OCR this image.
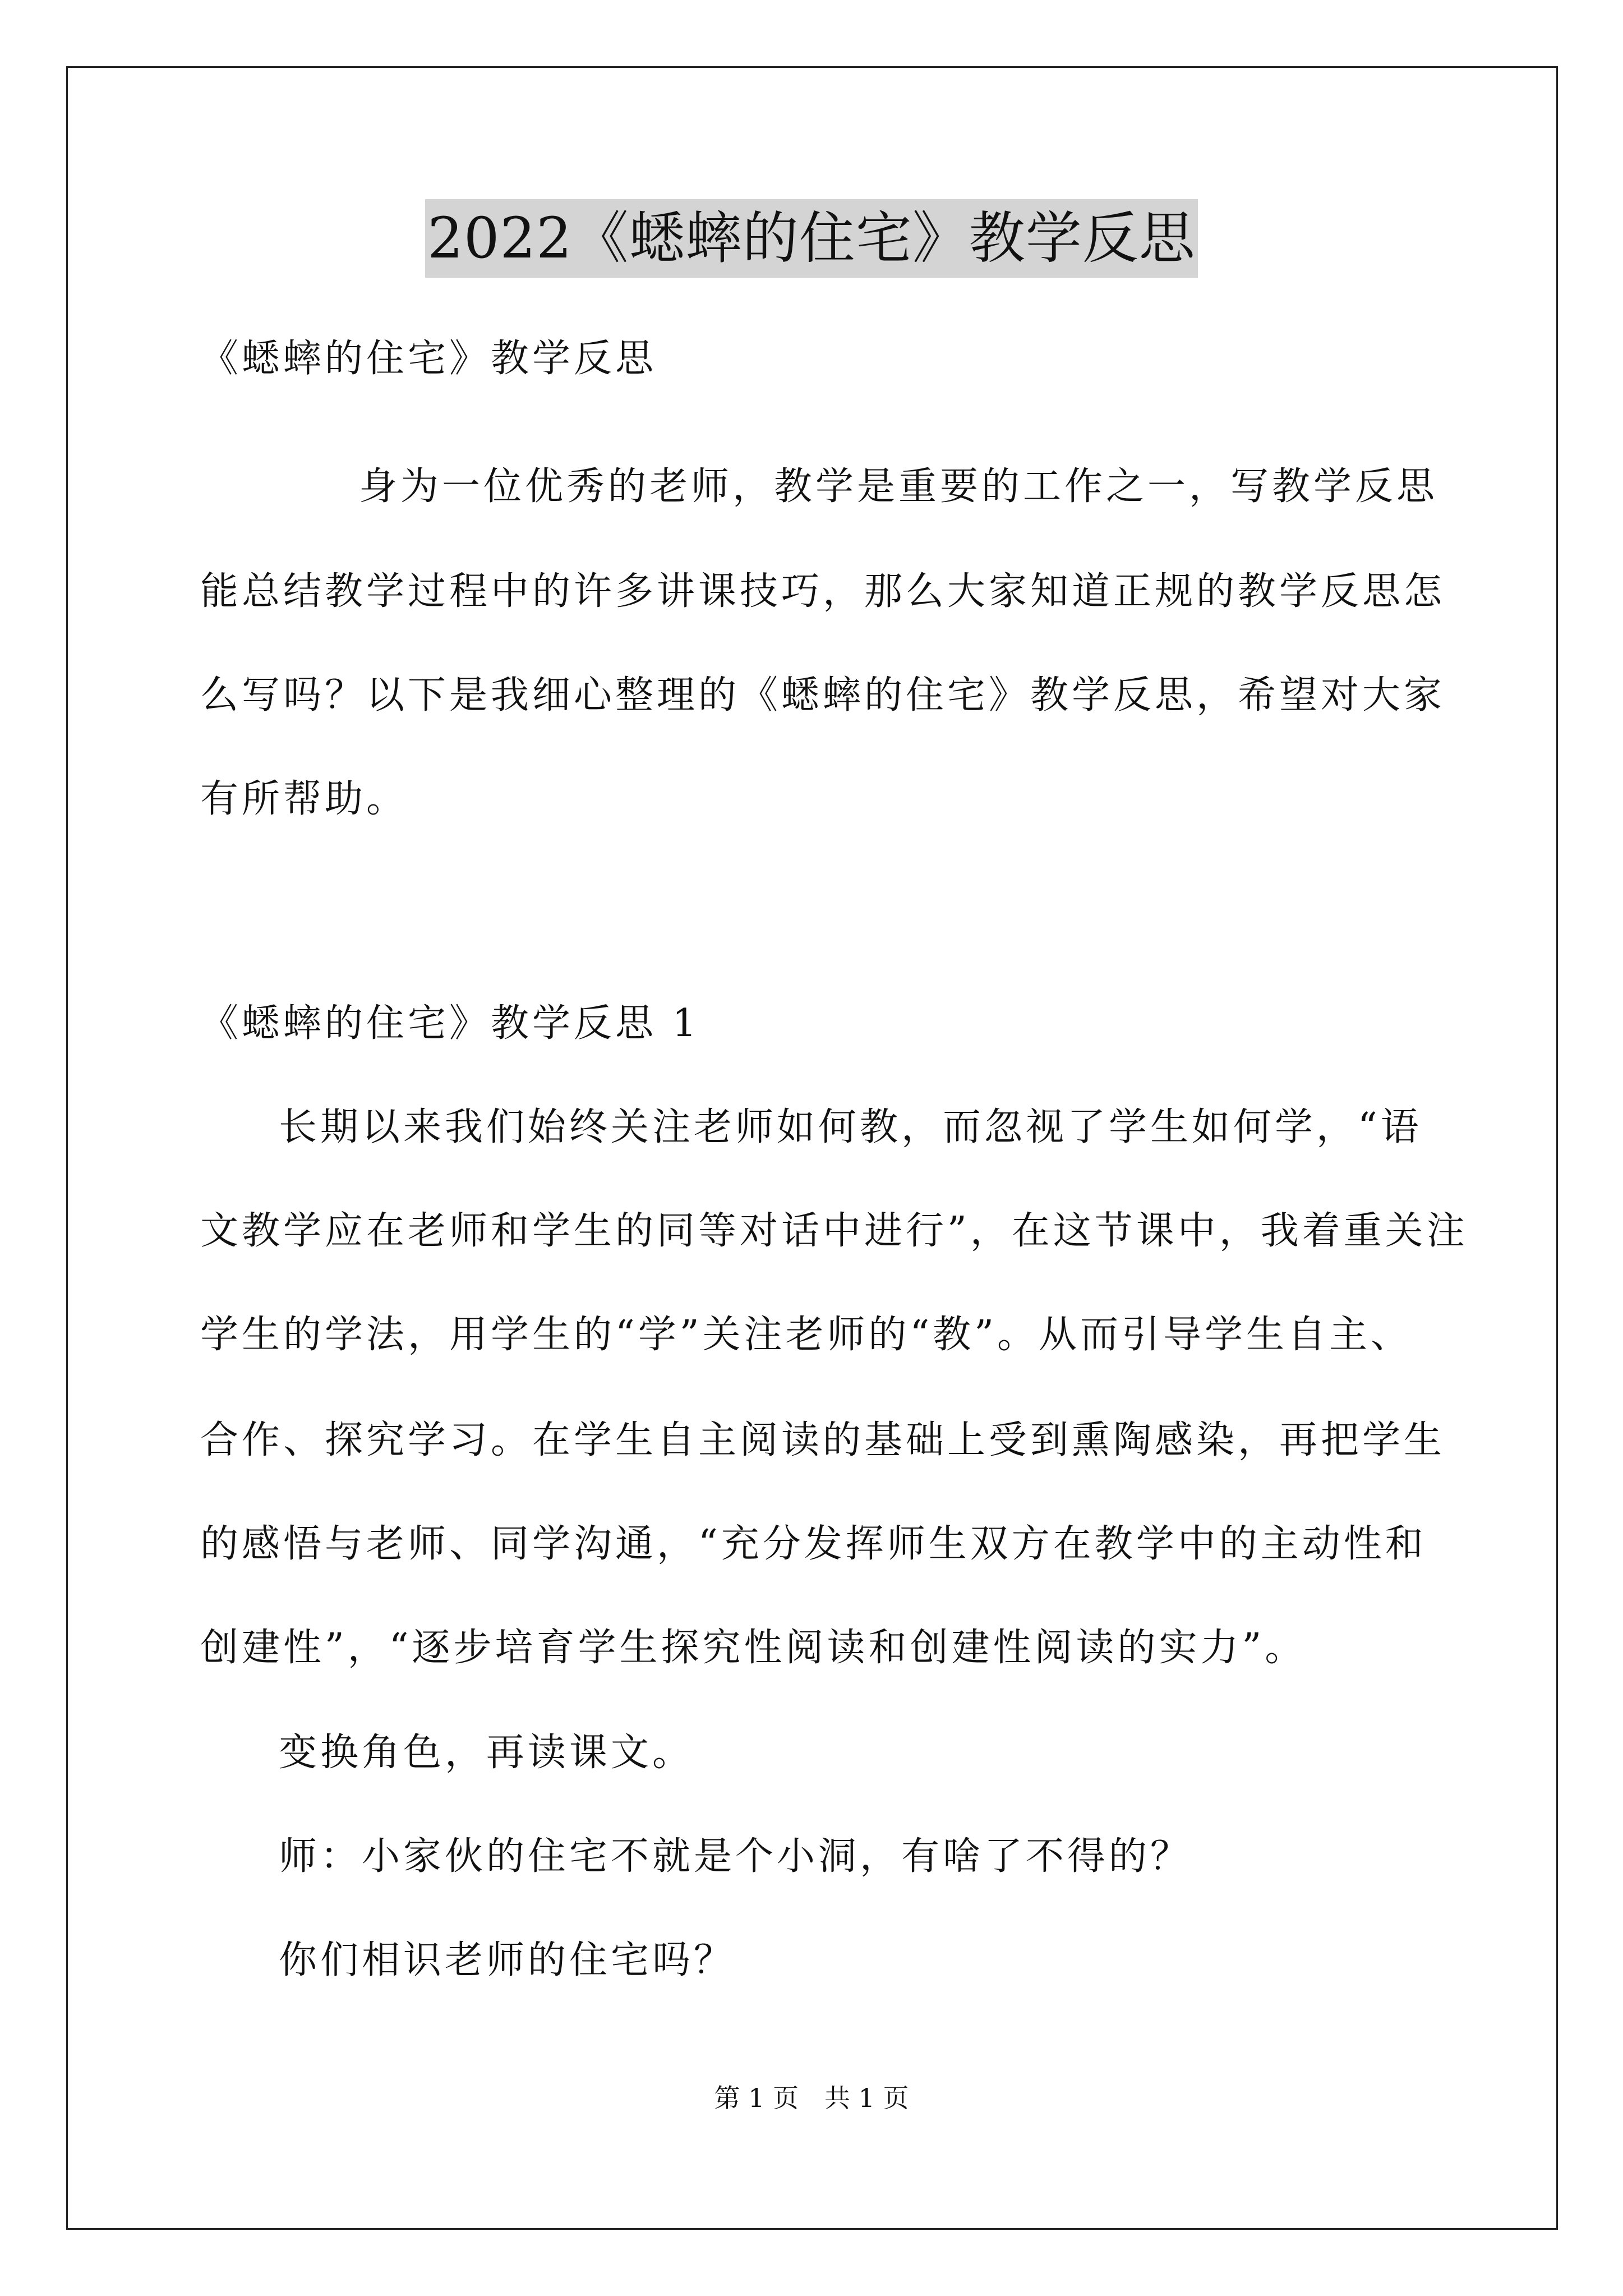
2022《蟋蟀的住宅》教学反思
《蟋蟀的住宅》教学反思
身为一位优秀的老师，教学是重要的工作之一，写教学反思
能总结教学过程中的许多讲课技巧，那么大家知道正规的教学反思怎
么写吗？以下是我细心整理的《蟋蟀的住宅》教学反思，希望对大家
有所帮助。
《蟋蟀的住宅》教学反思 1
长期以来我们始终关注老师如何教，而忽视了学生如何学，“语
文教学应在老师和学生的同等对话中进行”，在这节课中，我着重关注
学生的学法，用学生的“学”关注老师的“教”。从而引导学生自主、
合作、探究学习。在学生自主阅读的基础上受到熏陶感染，再把学生
的感悟与老师、同学沟通，“充分发挥师生双方在教学中的主动性和
创建性”，“逐步培育学生探究性阅读和创建性阅读的实力”。
变换角色，再读课文。
师：小家伙的住宅不就是个小洞，有啥了不得的？
你们相识老师的住宅吗？
第 1 页　共 1 页
